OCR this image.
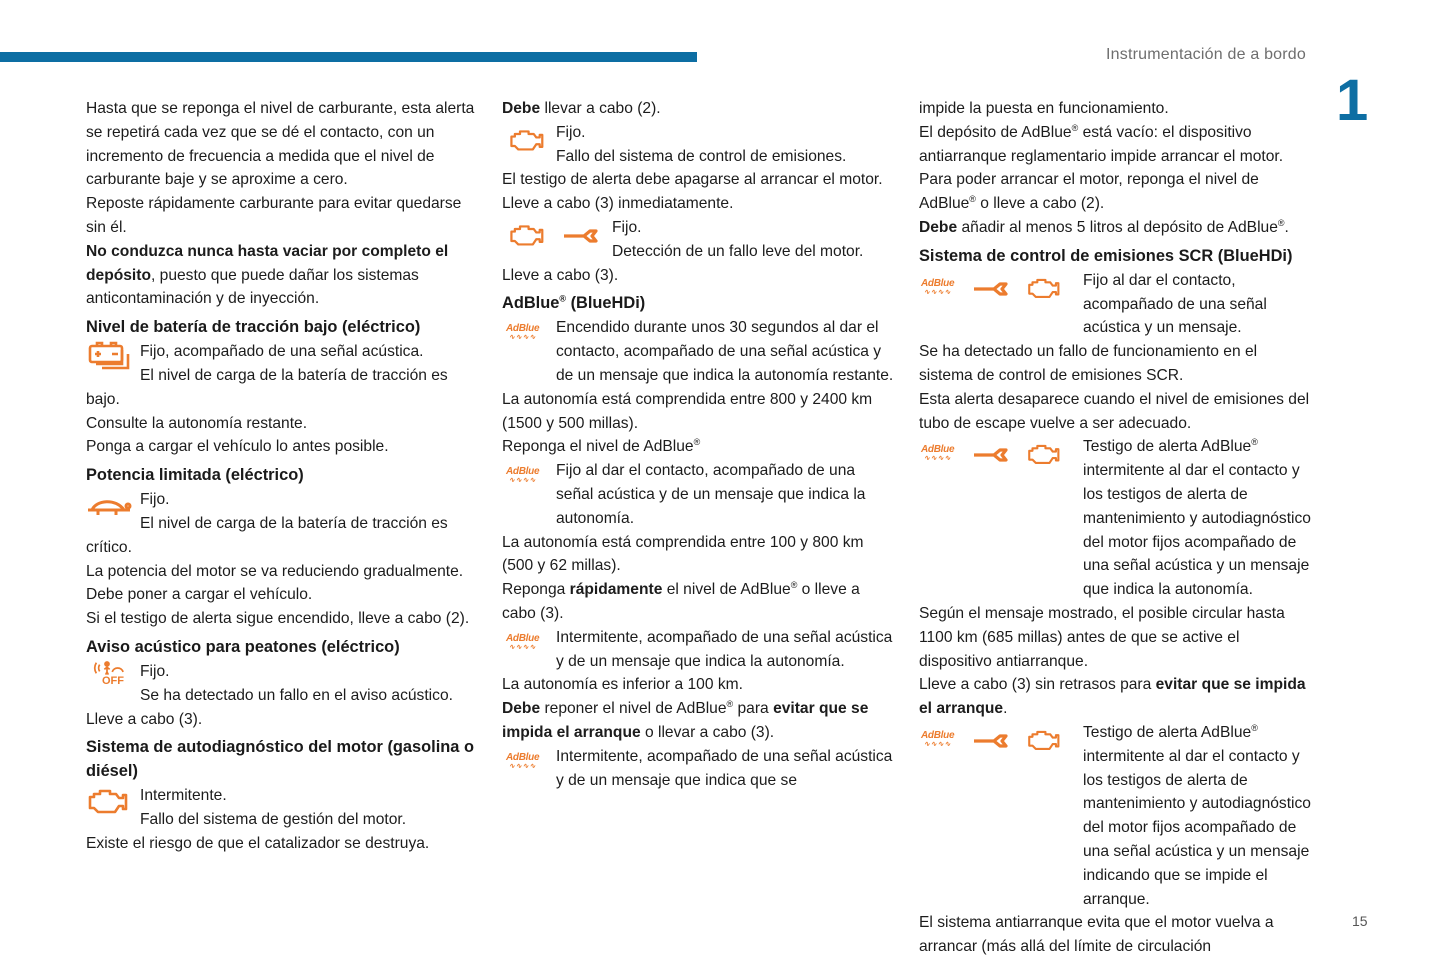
Instrumentación de a bordo
1
15

Hasta que se reponga el nivel de carburante, esta alerta se repetirá cada vez que se dé el contacto, con un incremento de frecuencia a medida que el nivel de carburante baje y se aproxime a cero.

Reposte rápidamente carburante para evitar quedarse sin él.

No conduzca nunca hasta vaciar por completo el depósito, puesto que puede dañar los sistemas anticontaminación y de inyección.

Nivel de batería de tracción bajo (eléctrico)

Fijo, acompañado de una señal acústica.

El nivel de carga de la batería de tracción es

bajo.

Consulte la autonomía restante.

Ponga a cargar el vehículo lo antes posible.

Potencia limitada (eléctrico)

Fijo.

El nivel de carga de la batería de tracción es

crítico.

La potencia del motor se va reduciendo gradualmente.

Debe poner a cargar el vehículo.

Si el testigo de alerta sigue encendido, lleve a cabo (2).

Aviso acústico para peatones (eléctrico)
OFF

Fijo.

Se ha detectado un fallo en el aviso acústico.

Lleve a cabo (3).

Sistema de autodiagnóstico del motor (gasolina o diésel)

Intermitente.

Fallo del sistema de gestión del motor.

Existe el riesgo de que el catalizador se destruya.

Debe llevar a cabo (2).

Fijo.

Fallo del sistema de control de emisiones.

El testigo de alerta debe apagarse al arrancar el motor.

Lleve a cabo (3) inmediatamente.

Fijo.

Detección de un fallo leve del motor.

Lleve a cabo (3).

AdBlue® (BlueHDi)
AdBlue
∿∿∿∿

Encendido durante unos 30 segundos al dar el contacto, acompañado de una señal acústica y de un mensaje que indica la autonomía restante.

La autonomía está comprendida entre 800 y 2400 km (1500 y 500 millas).

Reponga el nivel de AdBlue®

AdBlue
∿∿∿∿

Fijo al dar el contacto, acompañado de una señal acústica y de un mensaje que indica la autonomía.

La autonomía está comprendida entre 100 y 800 km (500 y 62 millas).

Reponga rápidamente el nivel de AdBlue® o lleve a cabo (3).

AdBlue
∿∿∿∿

Intermitente, acompañado de una señal acústica y de un mensaje que indica la autonomía.

La autonomía es inferior a 100 km.

Debe reponer el nivel de AdBlue® para evitar que se impida el arranque o llevar a cabo (3).

AdBlue
∿∿∿∿

Intermitente, acompañado de una señal acústica y de un mensaje que indica que se

impide la puesta en funcionamiento.

El depósito de AdBlue® está vacío: el dispositivo antiarranque reglamentario impide arrancar el motor.

Para poder arrancar el motor, reponga el nivel de AdBlue® o lleve a cabo (2).

Debe añadir al menos 5 litros al depósito de AdBlue®.

Sistema de control de emisiones SCR (BlueHDi)
AdBlue
∿∿∿∿

Fijo al dar el contacto, acompañado de una señal acústica y un mensaje.

Se ha detectado un fallo de funcionamiento en el sistema de control de emisiones SCR.

Esta alerta desaparece cuando el nivel de emisiones del tubo de escape vuelve a ser adecuado.

AdBlue
∿∿∿∿

Testigo de alerta AdBlue® intermitente al dar el contacto y los testigos de alerta de mantenimiento y autodiagnóstico del motor fijos acompañado de una señal acústica y un mensaje que indica la autonomía.

Según el mensaje mostrado, el posible circular hasta 1100 km (685 millas) antes de que se active el dispositivo antiarranque.

Lleve a cabo (3) sin retrasos para evitar que se impida el arranque.

AdBlue
∿∿∿∿

Testigo de alerta AdBlue® intermitente al dar el contacto y los testigos de alerta de mantenimiento y autodiagnóstico del motor fijos acompañado de una señal acústica y un mensaje indicando que se impide el arranque.

El sistema antiarranque evita que el motor vuelva a arrancar (más allá del límite de circulación
